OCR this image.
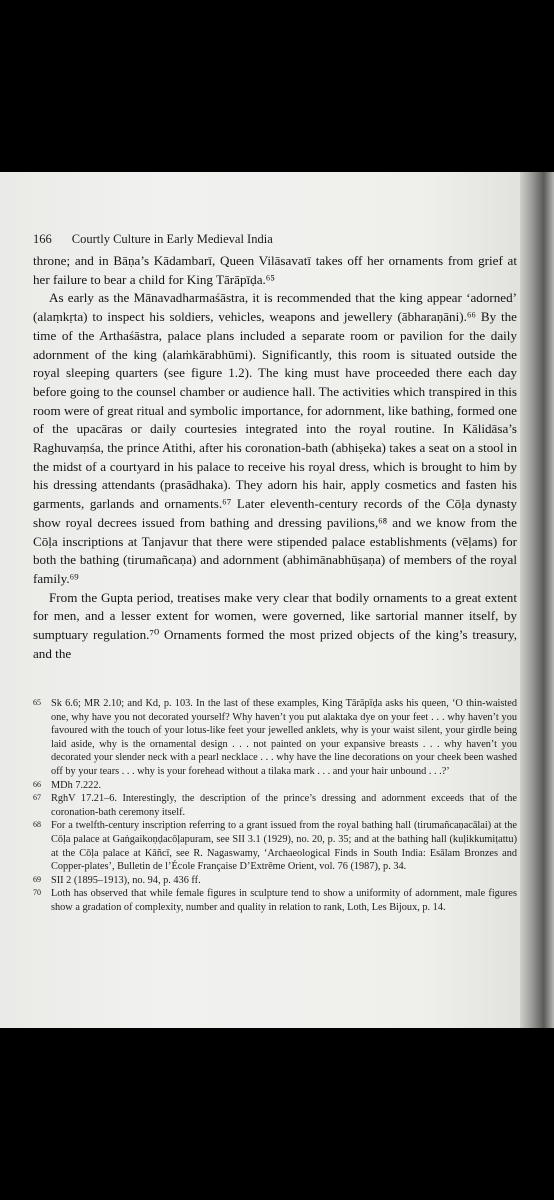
166 Courtly Culture in Early Medieval India

throne; and in Bāṇa’s Kādambarī, Queen Vilāsavatī takes off her ornaments from grief at her failure to bear a child for King Tārāpīḍa.⁶⁵

As early as the Mānavadharmaśāstra, it is recommended that the king appear ‘adorned’ (alaṃkṛta) to inspect his soldiers, vehicles, weapons and jewellery (ābharaṇāni).⁶⁶ By the time of the Arthaśāstra, palace plans included a separate room or pavilion for the daily adornment of the king (alaṁkārabhūmi). Significantly, this room is situated outside the royal sleeping quarters (see figure 1.2). The king must have proceeded there each day before going to the counsel chamber or audience hall. The activities which transpired in this room were of great ritual and symbolic importance, for adornment, like bathing, formed one of the upacāras or daily courtesies integrated into the royal routine. In Kālidāsa’s Raghuvaṃśa, the prince Atithi, after his coronation-bath (abhiṣeka) takes a seat on a stool in the midst of a courtyard in his palace to receive his royal dress, which is brought to him by his dressing attendants (prasādhaka). They adorn his hair, apply cosmetics and fasten his garments, garlands and ornaments.⁶⁷ Later eleventh-century records of the Cōḷa dynasty show royal decrees issued from bathing and dressing pavilions,⁶⁸ and we know from the Cōḷa inscriptions at Tanjavur that there were stipended palace establishments (vēḷams) for both the bathing (tirumañcaṇa) and adornment (abhimānabhūṣaṇa) of members of the royal family.⁶⁹

From the Gupta period, treatises make very clear that bodily ornaments to a great extent for men, and a lesser extent for women, were governed, like sartorial manner itself, by sumptuary regulation.⁷⁰ Ornaments formed the most prized objects of the king’s treasury, and the

65 Sk 6.6; MR 2.10; and Kd, p. 103. In the last of these examples, King Tārāpīḍa asks his queen, ‘O thin-waisted one, why have you not decorated yourself? Why haven’t you put alaktaka dye on your feet . . . why haven’t you favoured with the touch of your lotus-like feet your jewelled anklets, why is your waist silent, your girdle being laid aside, why is the ornamental design . . . not painted on your expansive breasts . . . why haven’t you decorated your slender neck with a pearl necklace . . . why have the line decorations on your cheek been washed off by your tears . . . why is your forehead without a tilaka mark . . . and your hair unbound . . .?’
66 MDh 7.222.
67 RghV 17.21–6. Interestingly, the description of the prince’s dressing and adornment exceeds that of the coronation-bath ceremony itself.
68 For a twelfth-century inscription referring to a grant issued from the royal bathing hall (tirumañcaṇacālai) at the Cōḷa palace at Gaṅgaikoṇḍacōḷapuram, see SII 3.1 (1929), no. 20, p. 35; and at the bathing hall (kuḷikkumiṭattu) at the Cōḷa palace at Kāñcī, see R. Nagaswamy, ‘Archaeological Finds in South India: Esālam Bronzes and Copper-plates’, Bulletin de l’École Française D’Extrême Orient, vol. 76 (1987), p. 34.
69 SII 2 (1895–1913), no. 94, p. 436 ff.
70 Loth has observed that while female figures in sculpture tend to show a uniformity of adornment, male figures show a gradation of complexity, number and quality in relation to rank, Loth, Les Bijoux, p. 14.
